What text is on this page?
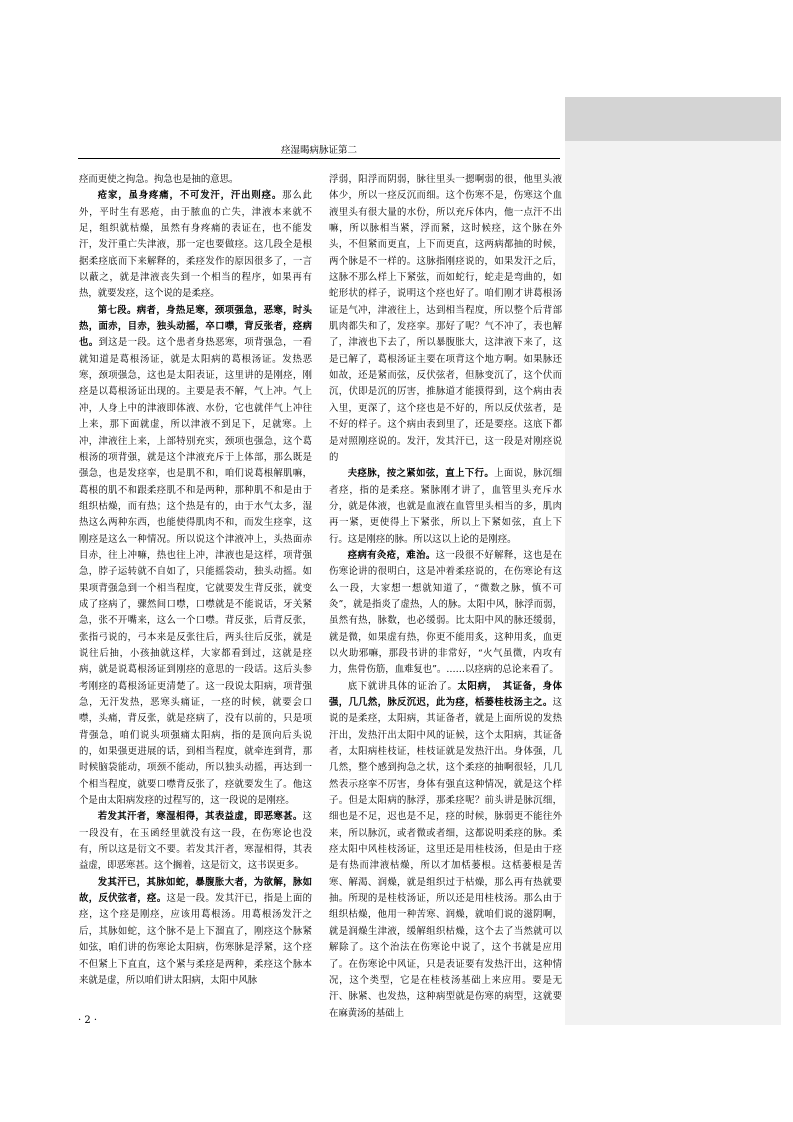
痉湿暍病脉证第二

痉而更使之拘急。拘急也是抽的意思。

疮家，虽身疼痛，不可发汗，汗出则痉。那么此外，平时生有恶疮，由于脓血的亡失，津液本来就不足，组织就枯燥，虽然有身疼痛的表证在，也不能发汗，发汗重亡失津液，那一定也要做痉。这几段全是根据柔痉底而下来解释的，柔痉发作的原因很多了，一言以蔽之，就是津液丧失到一个相当的程序，如果再有热，就要发痉，这个说的是柔痉。

第七段。病者，身热足寒，颈项强急，恶寒，时头热，面赤，目赤，独头动摇，卒口噤，背反张者，痉病也。到这是一段。这个患者身热恶寒，项背强急，一看就知道是葛根汤证，就是太阳病的葛根汤证。发热恶寒，颈项强急，这也是太阳表证，这里讲的是刚痉，刚痉是以葛根汤证出现的。主要是表不解，气上冲。气上冲，人身上中的津液即体液、水份，它也就伴气上冲往上来，那下面就虚，所以津液不到足下，足就寒。上冲，津液往上来，上部特别充实，颈项也强急，这个葛根汤的项背强，就是这个津液充斥于上体部，那么既是强急，也是发痉挛，也是肌不和，咱们说葛根解肌嘛，葛根的肌不和跟柔痉肌不和是两种，那种肌不和是由于组织枯燥，而有热；这个热是有的，由于水气太多，湿热这么两种东西，也能使得肌肉不和，而发生痉挛，这刚痉是这么一种情况。所以说这个津液冲上，头热面赤目赤，往上冲嘛，热也往上冲，津液也是这样，项背强急，脖子运转就不自如了，只能摇袋动，独头动摇。如果项背强急到一个相当程度，它就要发生背反张，就变成了痉病了，骤然间口噤，口噤就是不能说话，牙关紧急，张不开嘴来，这么一个口噤。背反张，后背反张，张指弓说的，弓本来是反张往后，两头往后反张，就是说往后抽，小孩抽就这样，大家都看到过，这就是痉病，就是说葛根汤证到刚痉的意思的一段话。这后头参考刚痉的葛根汤证更清楚了。这一段说太阳病，项背强急，无汗发热，恶寒头痛证，一痉的时候，就要会口噤，头痛，背反张，就是痉病了，没有以前的，只是项背强急，咱们说头项强痛太阳病，指的是顶向后头说的，如果强更进展的话，到相当程度，就牵连到背，那时候脑袋能动，项颈不能动，所以独头动摇，再达到一个相当程度，就要口噤背反张了，痉就要发生了。他这个是由太阳病发痉的过程写的，这一段说的是刚痉。

若发其汗者，寒湿相得，其表益虚，即恶寒甚。这一段没有，在玉函经里就没有这一段，在伤寒论也没有，所以这是衍文不要。若发其汗者，寒湿相得，其表益虚，即恶寒甚。这个搁着，这是衍文，这书误更多。

发其汗已，其脉如蛇，暴腹胀大者，为欲解，脉如故，反伏弦者，痉。这是一段。发其汗已，指是上面的痉，这个痉是刚痉，应该用葛根汤。用葛根汤发汗之后，其脉如蛇，这个脉不是上下溜直了，刚痉这个脉紧如弦，咱们讲的伤寒论太阳病，伤寒脉是浮紧，这个痉不但紧上下直直，这个紧与柔痉是两种，柔痉这个脉本来就是虚，所以咱们讲太阳病，太阳中风脉

浮弱，阳浮而阴弱，脉往里头一摁啊弱的很，他里头液体少，所以一痉反沉而细。这个伤寒不是，伤寒这个血液里头有很大量的水份，所以充斥体内，他一点汗不出嘛，所以脉相当紧，浮而紧，这时候痉，这个脉在外头，不但紧而更直，上下而更直，这两病都抽的时候，两个脉是不一样的。这脉指刚痉说的，如果发汗之后，这脉不那么样上下紧弦，而如蛇行，蛇走是弯曲的，如蛇形状的样子，说明这个痉也好了。咱们刚才讲葛根汤证是气冲，津液往上，达到相当程度，所以整个后背部肌肉都失和了，发痉挛。那好了呢？气不冲了，表也解了，津液也下去了，所以暴腹胀大，这津液下来了，这是已解了，葛根汤证主要在项背这个地方啊。如果脉还如故，还是紧而弦，反伏弦者，但脉变沉了，这个伏而沉，伏即是沉的厉害，推脉道才能摸得到，这个病由表入里，更深了，这个痉也是不好的，所以反伏弦者，是不好的样子。这个病由表到里了，还是要痉。这底下都是对照刚痉说的。发汗，发其汗已，这一段是对刚痉说的

夫痉脉，按之紧如弦，直上下行。上面说，脉沉细者痉，指的是柔痉。紧脉刚才讲了，血管里头充斥水分，就是体液，也就是血液在血管里头相当的多，肌肉再一紧，更使得上下紧张，所以上下紧如弦，直上下行。这是刚痉的脉。所以这以上论的是刚痉。

痉病有灸疮，难治。这一段很不好解释，这也是在伤寒论讲的很明白，这是冲着柔痉说的，在伤寒论有这么一段，大家想一想就知道了，“微数之脉，慎不可灸”，就是指炎了虚热，人的脉。太阳中风，脉浮而弱，虽然有热，脉数，也必缓弱。比太阳中风的脉还缓弱，就是微，如果虚有热，你更不能用炙，这种用炙，血更以火助邪嘛，那段书讲的非常好，“火气虽微，内攻有力，焦骨伤筋，血难复也”。……以痉病的总论来看了。

底下就讲具体的证治了。太阳病，　其证备，身体强，几几然，脉反沉迟，此为痉，栝蒌桂枝汤主之。这说的是柔痉，太阳病，其证备者，就是上面所说的发热汗出，发热汗出太阳中风的证候，这个太阳病，其证备者，太阳病桂枝证，桂枝证就是发热汗出。身体强，几几然，整个感到拘急之状，这个柔痉的抽啊很轻，几几然表示痉挛不厉害，身体有强直这种情况，就是这个样子。但是太阳病的脉浮，那柔痉呢？前头讲是脉沉细，细也是不足，迟也是不足，痉的时候，脉弱更不能往外来，所以脉沉，或者微或者细，这都说明柔痉的脉。柔痉太阳中风桂枝汤证，这里还是用桂枝汤，但是由于痉是有热而津液枯燥，所以才加栝蒌根。这栝蒌根是苦寒、解渴、润燥，就是组织过于枯燥，那么再有热就要抽。所现的是桂枝汤证，所以还是用桂枝汤。那么由于组织枯燥，他用一种苦寒、润燥，就咱们说的滋阴啊，就是润燥生津液，缓解组织枯燥，这个去了当然就可以解除了。这个治法在伤寒论中说了，这个书就是应用了。在伤寒论中风证，只是表证要有发热汗出，这种情况，这个类型，它是在桂枝汤基础上来应用。要是无汗、脉紧、也发热，这种病型就是伤寒的病型，这就要在麻黄汤的基础上

· 2 ·
